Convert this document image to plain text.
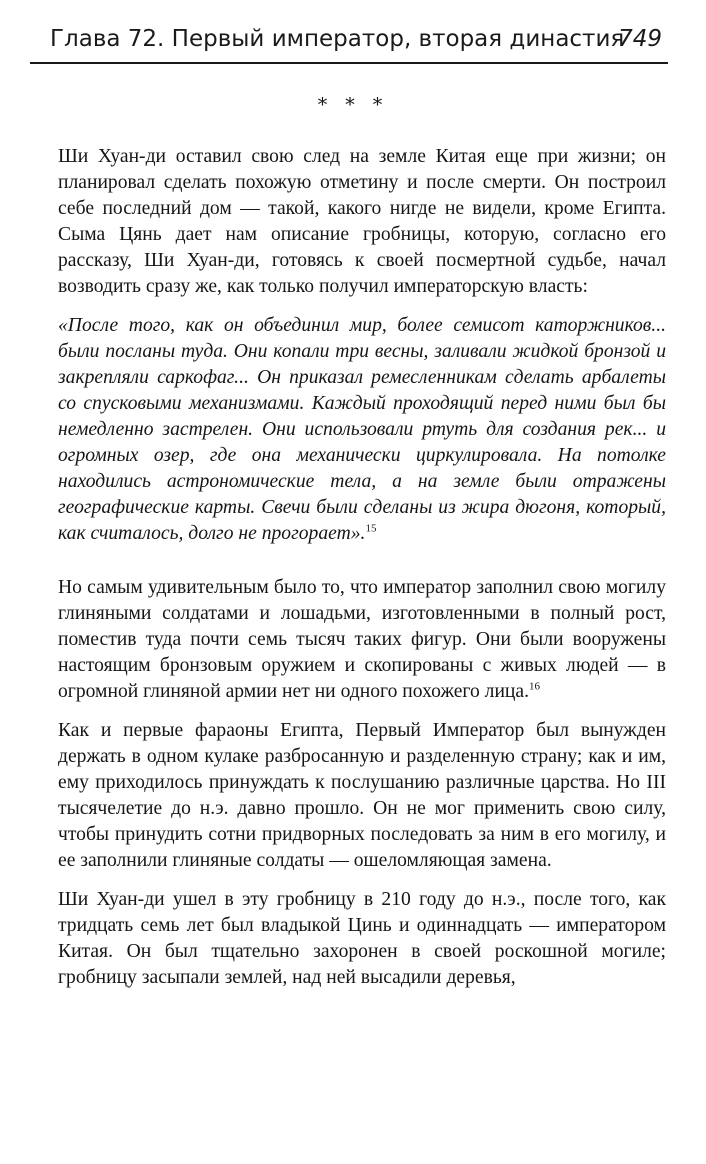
Глава 72. Первый император, вторая династия
749
* * *

Ши Хуан-ди оставил свою след на земле Китая еще при жизни; он планировал сделать похожую отметину и после смерти. Он построил себе последний дом — такой, какого нигде не видели, кроме Египта. Сыма Цянь дает нам описание гробницы, которую, согласно его рассказу, Ши Хуан-ди, готовясь к своей посмертной судьбе, начал возводить сразу же, как только получил императорскую власть:

«После того, как он объединил мир, более семисот каторжников... были посланы туда. Они копали три весны, заливали жидкой бронзой и закрепляли саркофаг... Он приказал ремесленникам сделать арбалеты со спусковыми механизмами. Каждый проходящий перед ними был бы немедленно застрелен. Они использовали ртуть для создания рек... и огромных озер, где она механически циркулировала. На потолке находились астрономические тела, а на земле были отражены географические карты. Свечи были сделаны из жира дюгоня, который, как считалось, долго не прогорает».$^{15}$

Но самым удивительным было то, что император заполнил свою могилу глиняными солдатами и лошадьми, изготовленными в полный рост, поместив туда почти семь тысяч таких фигур. Они были вооружены настоящим бронзовым оружием и скопированы с живых людей — в огромной глиняной армии нет ни одного похожего лица.$^{16}$

Как и первые фараоны Египта, Первый Император был вынужден держать в одном кулаке разбросанную и разделенную страну; как и им, ему приходилось принуждать к послушанию различные царства. Но III тысячелетие до н.э. давно прошло. Он не мог применить свою силу, чтобы принудить сотни придворных последовать за ним в его могилу, и ее заполнили глиняные солдаты — ошеломляющая замена.

Ши Хуан-ди ушел в эту гробницу в 210 году до н.э., после того, как тридцать семь лет был владыкой Цинь и одиннадцать — императором Китая. Он был тщательно захоронен в своей роскошной могиле; гробницу засыпали землей, над ней высадили деревья,
